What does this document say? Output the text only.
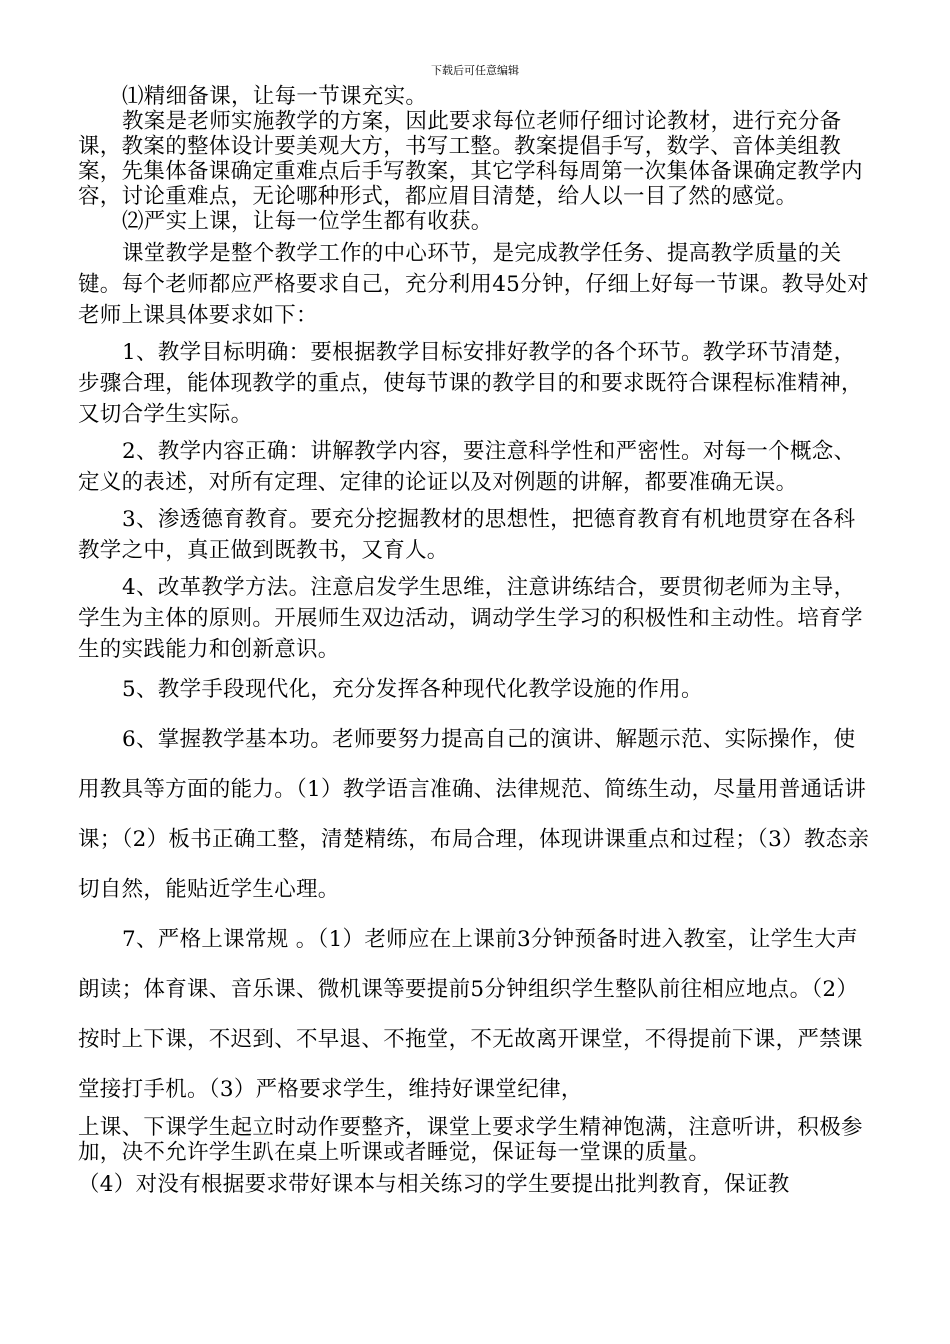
下载后可任意编辑

⑴精细备课，让每一节课充实。

教案是老师实施教学的方案，因此要求每位老师仔细讨论教材，进行充分备课，教案的整体设计要美观大方，书写工整。教案提倡手写，数学、音体美组教案，先集体备课确定重难点后手写教案，其它学科每周第一次集体备课确定教学内容，讨论重难点，无论哪种形式，都应眉目清楚，给人以一目了然的感觉。

⑵严实上课，让每一位学生都有收获。

课堂教学是整个教学工作的中心环节，是完成教学任务、提高教学质量的关键。每个老师都应严格要求自己，充分利用45分钟，仔细上好每一节课。教导处对老师上课具体要求如下：

1、教学目标明确：要根据教学目标安排好教学的各个环节。教学环节清楚，步骤合理，能体现教学的重点，使每节课的教学目的和要求既符合课程标准精神，又切合学生实际。

2、教学内容正确：讲解教学内容，要注意科学性和严密性。对每一个概念、定义的表述，对所有定理、定律的论证以及对例题的讲解，都要准确无误。

3、渗透德育教育。要充分挖掘教材的思想性，把德育教育有机地贯穿在各科教学之中，真正做到既教书，又育人。

4、改革教学方法。注意启发学生思维，注意讲练结合，要贯彻老师为主导，学生为主体的原则。开展师生双边活动，调动学生学习的积极性和主动性。培育学生的实践能力和创新意识。

5、教学手段现代化，充分发挥各种现代化教学设施的作用。

6、掌握教学基本功。老师要努力提高自己的演讲、解题示范、实际操作，使用教具等方面的能力。（1）教学语言准确、法律规范、简练生动，尽量用普通话讲课；（2）板书正确工整，清楚精练，布局合理，体现讲课重点和过程；（3）教态亲切自然，能贴近学生心理。

7、严格上课常规 。（1）老师应在上课前3分钟预备时进入教室，让学生大声朗读；体育课、音乐课、微机课等要提前5分钟组织学生整队前往相应地点。（2）按时上下课，不迟到、不早退、不拖堂，不无故离开课堂，不得提前下课，严禁课堂接打手机。（3）严格要求学生，维持好课堂纪律，

上课、下课学生起立时动作要整齐，课堂上要求学生精神饱满，注意听讲，积极参加，决不允许学生趴在桌上听课或者睡觉，保证每一堂课的质量。

（4）对没有根据要求带好课本与相关练习的学生要提出批判教育，保证教
